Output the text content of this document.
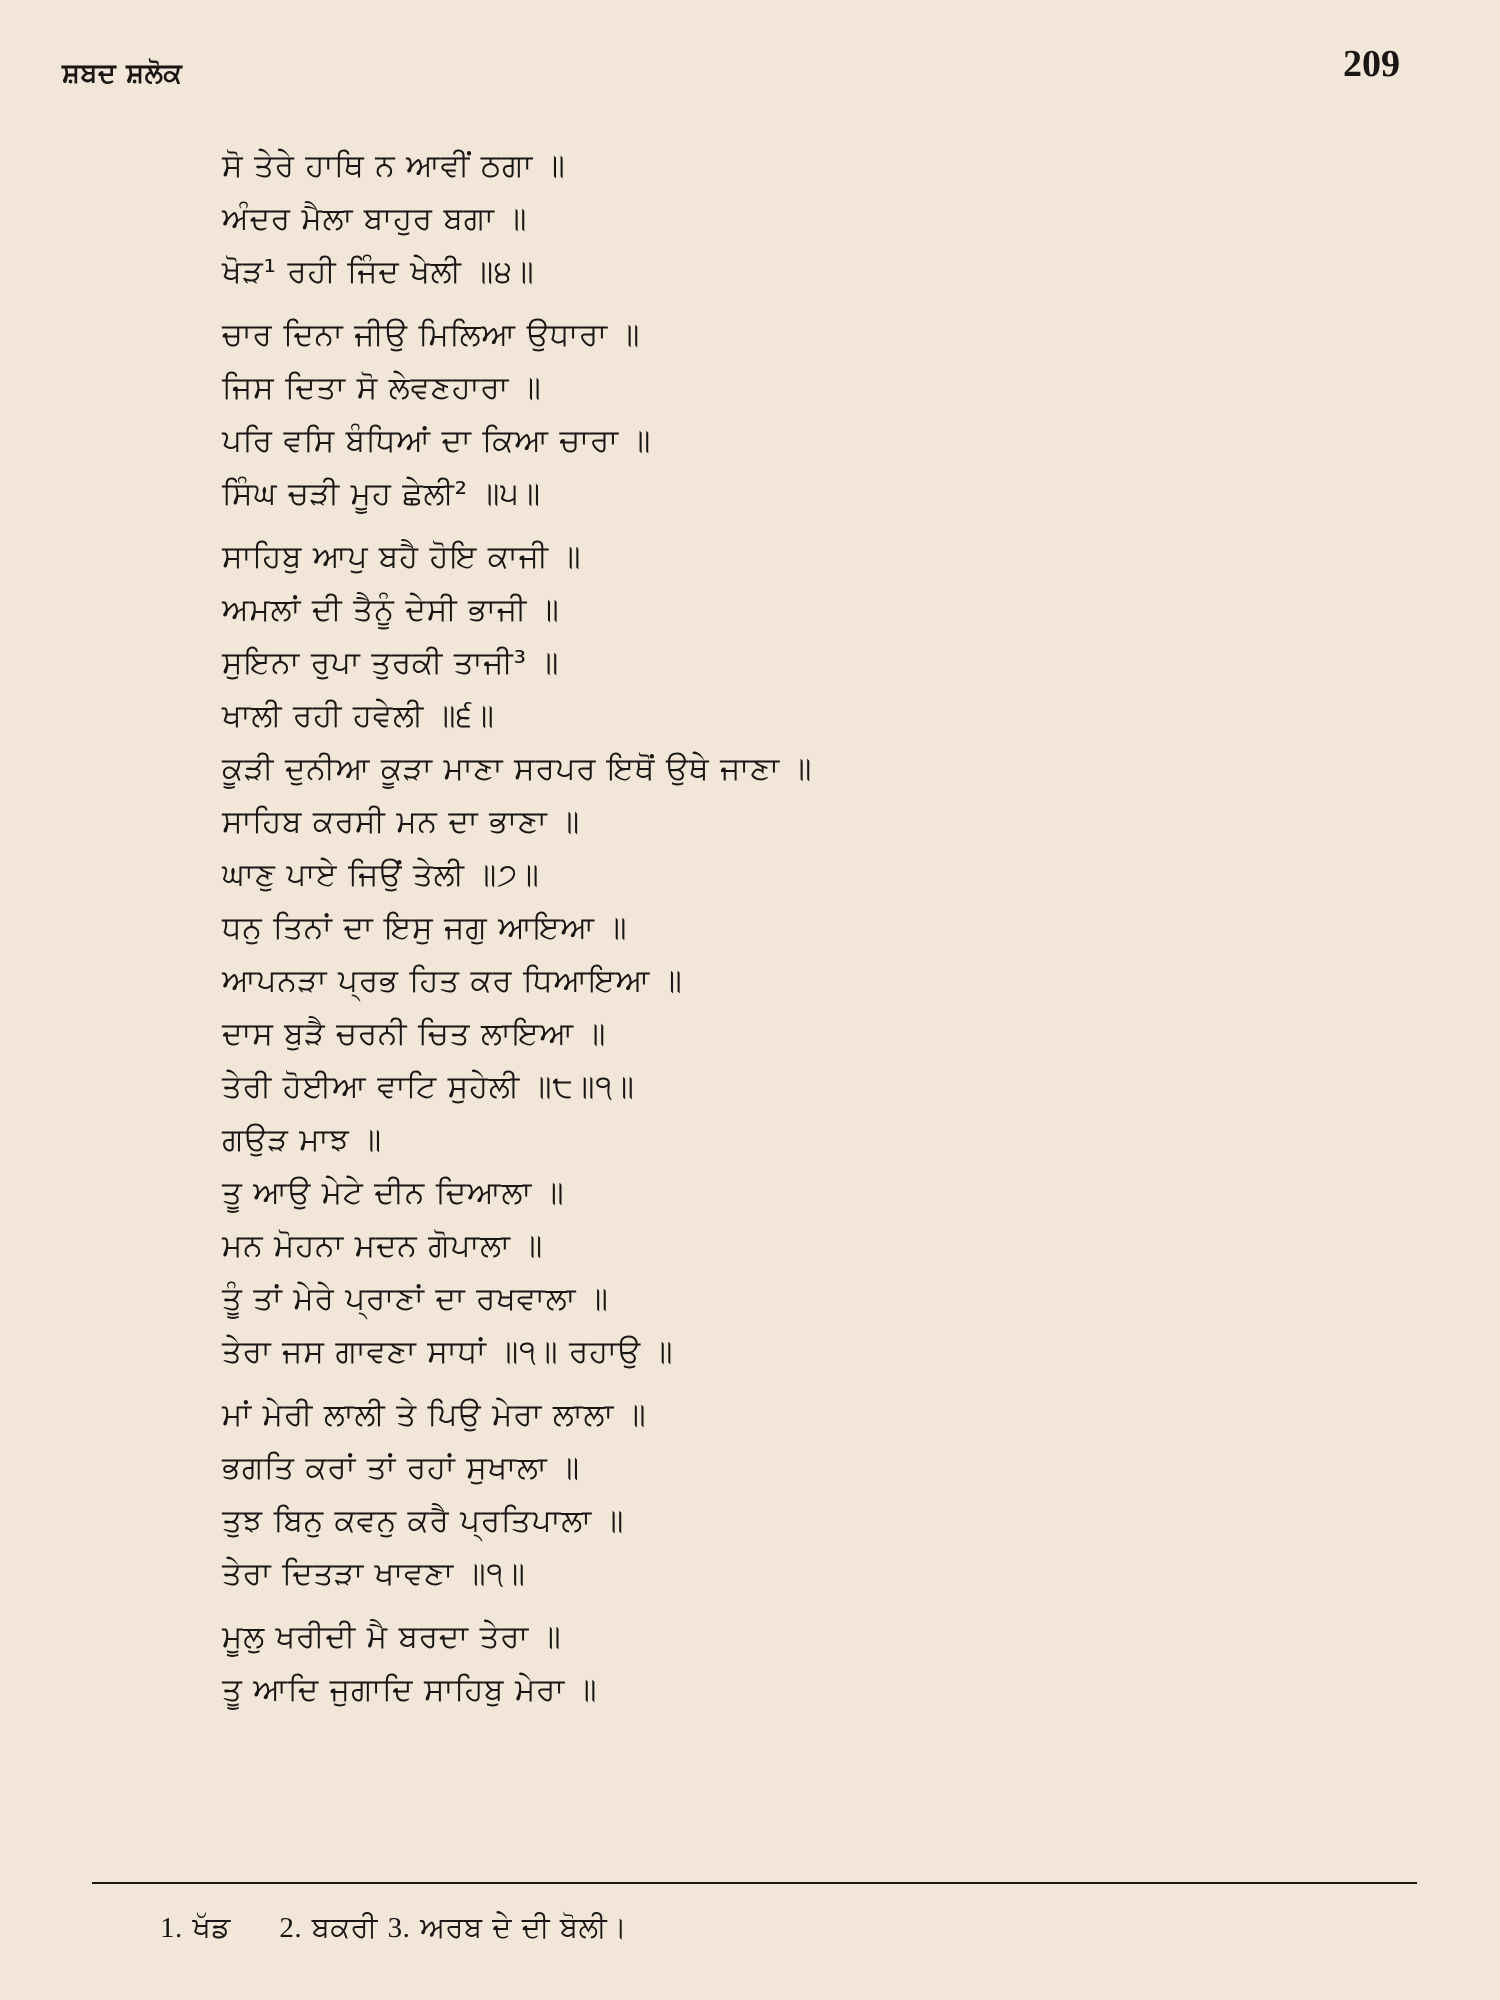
ਸ਼ਬਦ ਸ਼ਲੋਕ	209
ਸੋ ਤੇਰੇ ਹਾਥਿ ਨ ਆਵੀਂ ਠਗਾ ॥
ਅੰਦਰ ਮੈਲਾ ਬਾਹੁਰ ਬਗਾ ॥
ਖੋੜ¹ ਰਹੀ ਜਿੰਦ ਖੇਲੀ ॥੪॥
ਚਾਰ ਦਿਨਾ ਜੀਉ ਮਿਲਿਆ ਉਧਾਰਾ ॥
ਜਿਸ ਦਿਤਾ ਸੋ ਲੇਵਣਹਾਰਾ ॥
ਪਰਿ ਵਸਿ ਬੰਧਿਆਂ ਦਾ ਕਿਆ ਚਾਰਾ ॥
ਸਿੰਘ ਚੜੀ ਮੂਹ ਛੇਲੀ² ॥੫॥
ਸਾਹਿਬੁ ਆਪੁ ਬਹੈ ਹੋਇ ਕਾਜੀ ॥
ਅਮਲਾਂ ਦੀ ਤੈਨੂੰ ਦੇਸੀ ਭਾਜੀ ॥
ਸੁਇਨਾ ਰੁਪਾ ਤੁਰਕੀ ਤਾਜੀ³ ॥
ਖਾਲੀ ਰਹੀ ਹਵੇਲੀ ॥੬॥
ਕੂੜੀ ਦੁਨੀਆ ਕੂੜਾ ਮਾਣਾ ਸਰਪਰ ਇਥੋਂ ਉਥੇ ਜਾਣਾ ॥
ਸਾਹਿਬ ਕਰਸੀ ਮਨ ਦਾ ਭਾਣਾ ॥
ਘਾਣੁ ਪਾਏ ਜਿਉਂ ਤੇਲੀ ॥੭॥
ਧਨੁ ਤਿਨਾਂ ਦਾ ਇਸੁ ਜਗੁ ਆਇਆ ॥
ਆਪਨੜਾ ਪ੍ਰਭ ਹਿਤ ਕਰ ਧਿਆਇਆ ॥
ਦਾਸ ਬੁੜੈ ਚਰਨੀ ਚਿਤ ਲਾਇਆ ॥
ਤੇਰੀ ਹੋਈਆ ਵਾਟਿ ਸੁਹੇਲੀ ॥੮॥੧॥
ਗਉੜ ਮਾਝ ॥
ਤੂ ਆਉ ਮੇਟੇ ਦੀਨ ਦਿਆਲਾ ॥
ਮਨ ਮੋਹਨਾ ਮਦਨ ਗੋਪਾਲਾ ॥
ਤੂੰ ਤਾਂ ਮੇਰੇ ਪ੍ਰਾਣਾਂ ਦਾ ਰਖਵਾਲਾ ॥
ਤੇਰਾ ਜਸ ਗਾਵਣਾ ਸਾਧਾਂ ॥੧॥ ਰਹਾਉ ॥
ਮਾਂ ਮੇਰੀ ਲਾਲੀ ਤੇ ਪਿਉ ਮੇਰਾ ਲਾਲਾ ॥
ਭਗਤਿ ਕਰਾਂ ਤਾਂ ਰਹਾਂ ਸੁਖਾਲਾ ॥
ਤੁਝ ਬਿਨੁ ਕਵਨੁ ਕਰੈ ਪ੍ਰਤਿਪਾਲਾ ॥
ਤੇਰਾ ਦਿਤੜਾ ਖਾਵਣਾ ॥੧॥
ਮੂਲੁ ਖਰੀਦੀ ਮੈ ਬਰਦਾ ਤੇਰਾ ॥
ਤੂ ਆਦਿ ਜੁਗਾਦਿ ਸਾਹਿਬੁ ਮੇਰਾ ॥
1. ਖੱਡ 2. ਬਕਰੀ 3. ਅਰਬ ਦੇ ਦੀ ਬੋਲੀ।
